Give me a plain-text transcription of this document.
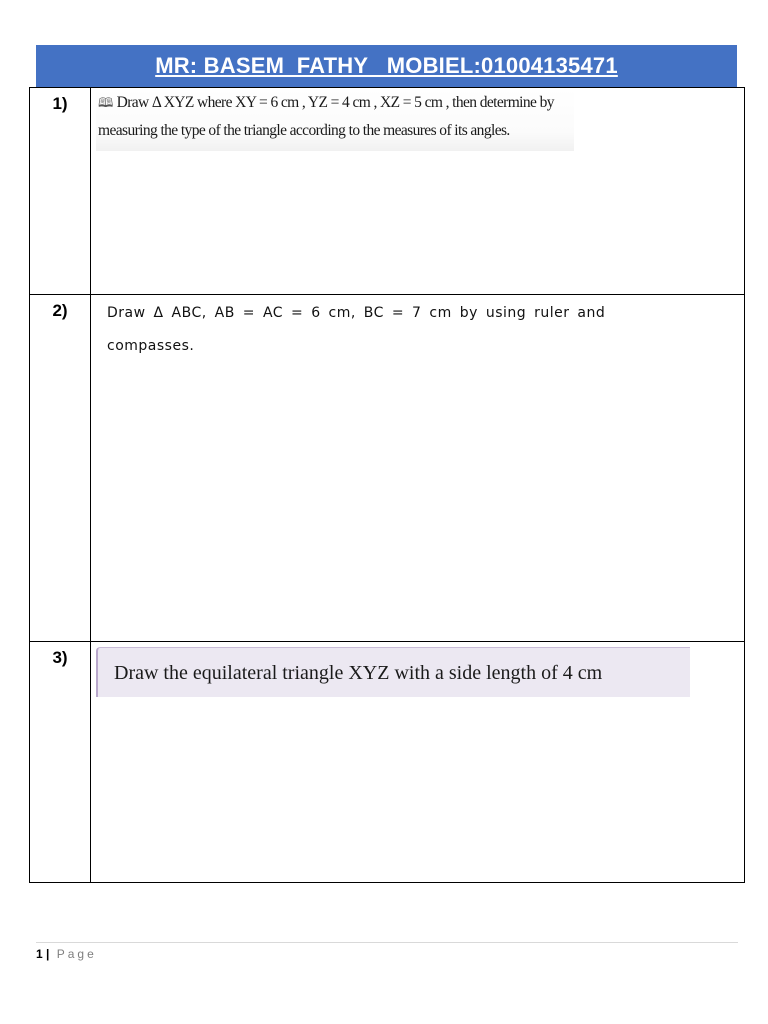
MR: BASEM  FATHY   MOBIEL:01004135471
1)	🕮 Draw Δ XYZ where XY = 6 cm , YZ = 4 cm , XZ = 5 cm , then determine by
measuring the type of the triangle according to the measures of its angles.

2)	Draw Δ ABC, AB = AC = 6 cm, BC = 7 cm by using ruler and
compasses.

3)	Draw the equilateral triangle XYZ with a side length of 4 cm
1 | Page
